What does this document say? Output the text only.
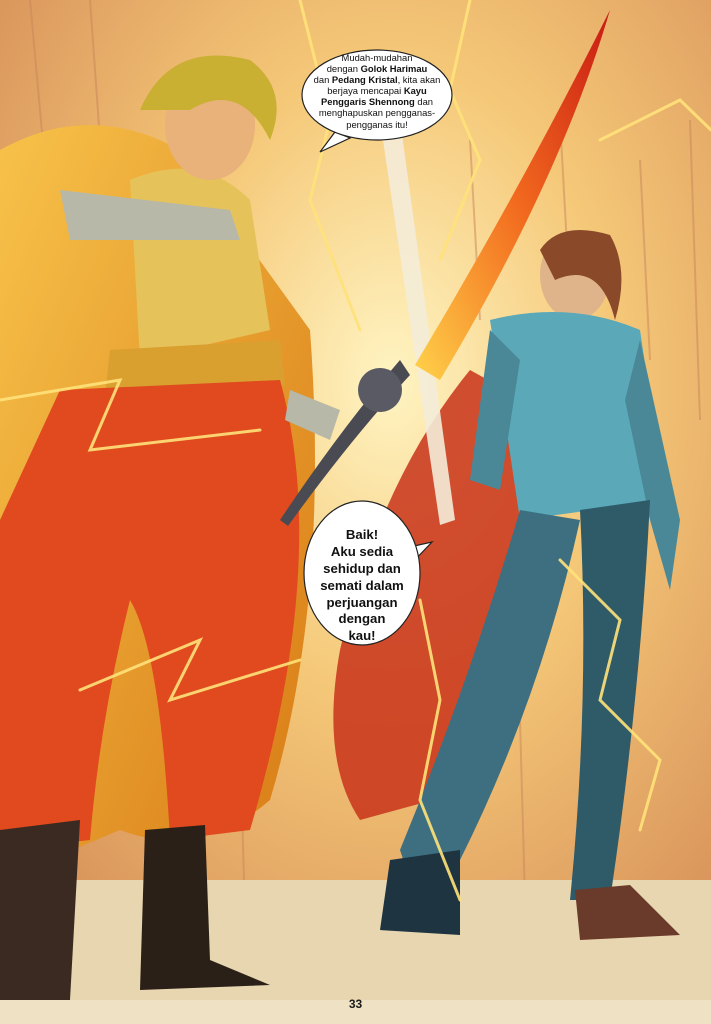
Mudah-mudahan
dengan Golok Harimau
dan Pedang Kristal, kita akan
berjaya mencapai Kayu
Penggaris Shennong dan
menghapuskan pengganas-
pengganas itu!
Baik!
Aku sedia
sehidup dan
semati dalam
perjuangan
dengan
kau!
33
